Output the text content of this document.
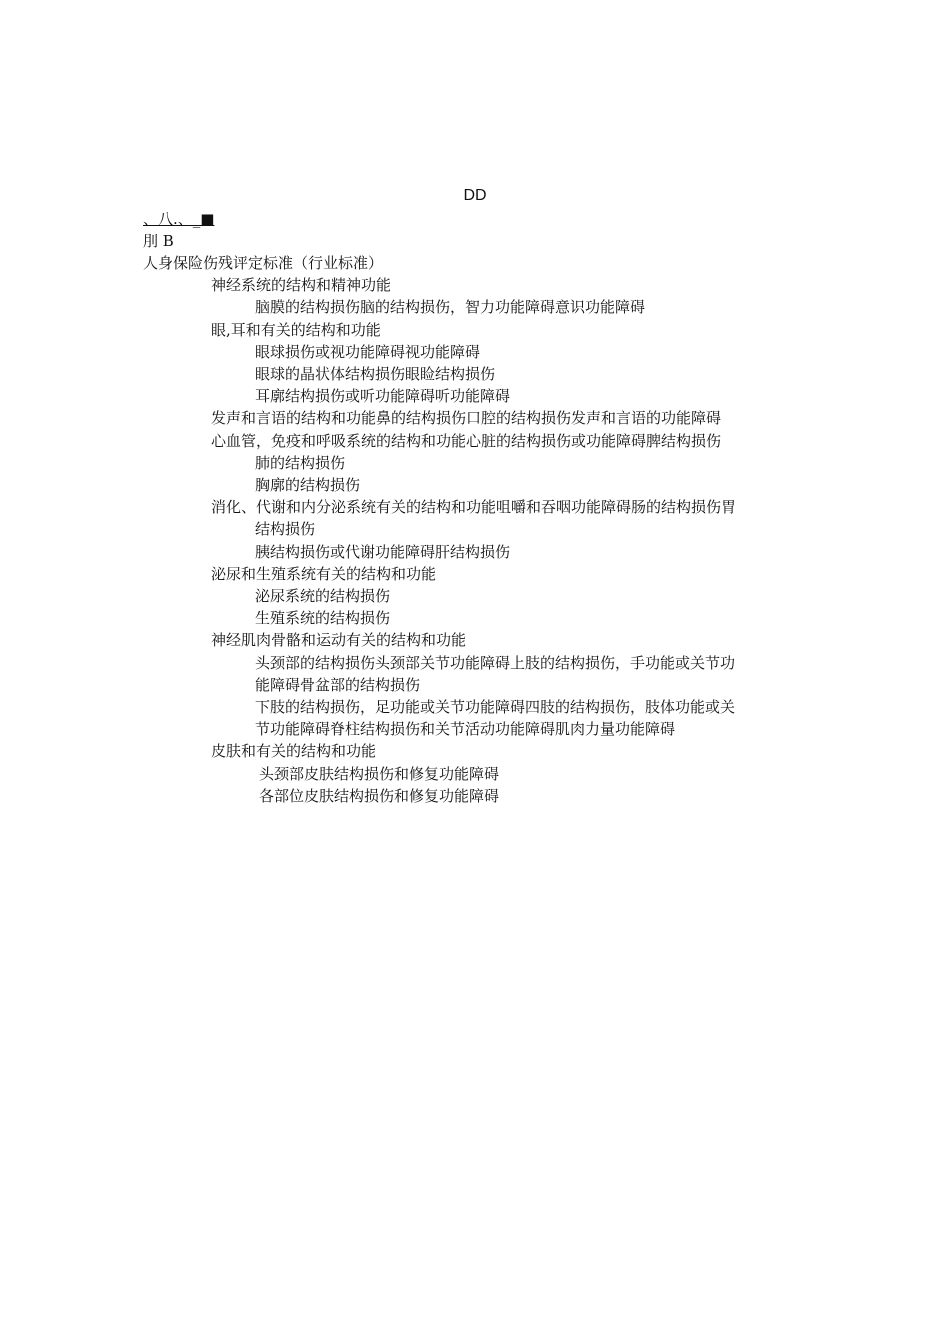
DD
、八.、_■
刖 B
人身保险伤残评定标准（行业标准）
神经系统的结构和精神功能
脑膜的结构损伤脑的结构损伤，智力功能障碍意识功能障碍
眼,耳和有关的结构和功能
眼球损伤或视功能障碍视功能障碍
眼球的晶状体结构损伤眼睑结构损伤
耳廓结构损伤或听功能障碍听功能障碍
发声和言语的结构和功能鼻的结构损伤口腔的结构损伤发声和言语的功能障碍
心血管，免疫和呼吸系统的结构和功能心脏的结构损伤或功能障碍脾结构损伤
肺的结构损伤
胸廓的结构损伤
消化、代谢和内分泌系统有关的结构和功能咀嚼和吞咽功能障碍肠的结构损伤胃
结构损伤
胰结构损伤或代谢功能障碍肝结构损伤
泌尿和生殖系统有关的结构和功能
泌尿系统的结构损伤
生殖系统的结构损伤
神经肌肉骨骼和运动有关的结构和功能
头颈部的结构损伤头颈部关节功能障碍上肢的结构损伤，手功能或关节功
能障碍骨盆部的结构损伤
下肢的结构损伤，足功能或关节功能障碍四肢的结构损伤，肢体功能或关
节功能障碍脊柱结构损伤和关节活动功能障碍肌肉力量功能障碍
皮肤和有关的结构和功能
头颈部皮肤结构损伤和修复功能障碍
各部位皮肤结构损伤和修复功能障碍
